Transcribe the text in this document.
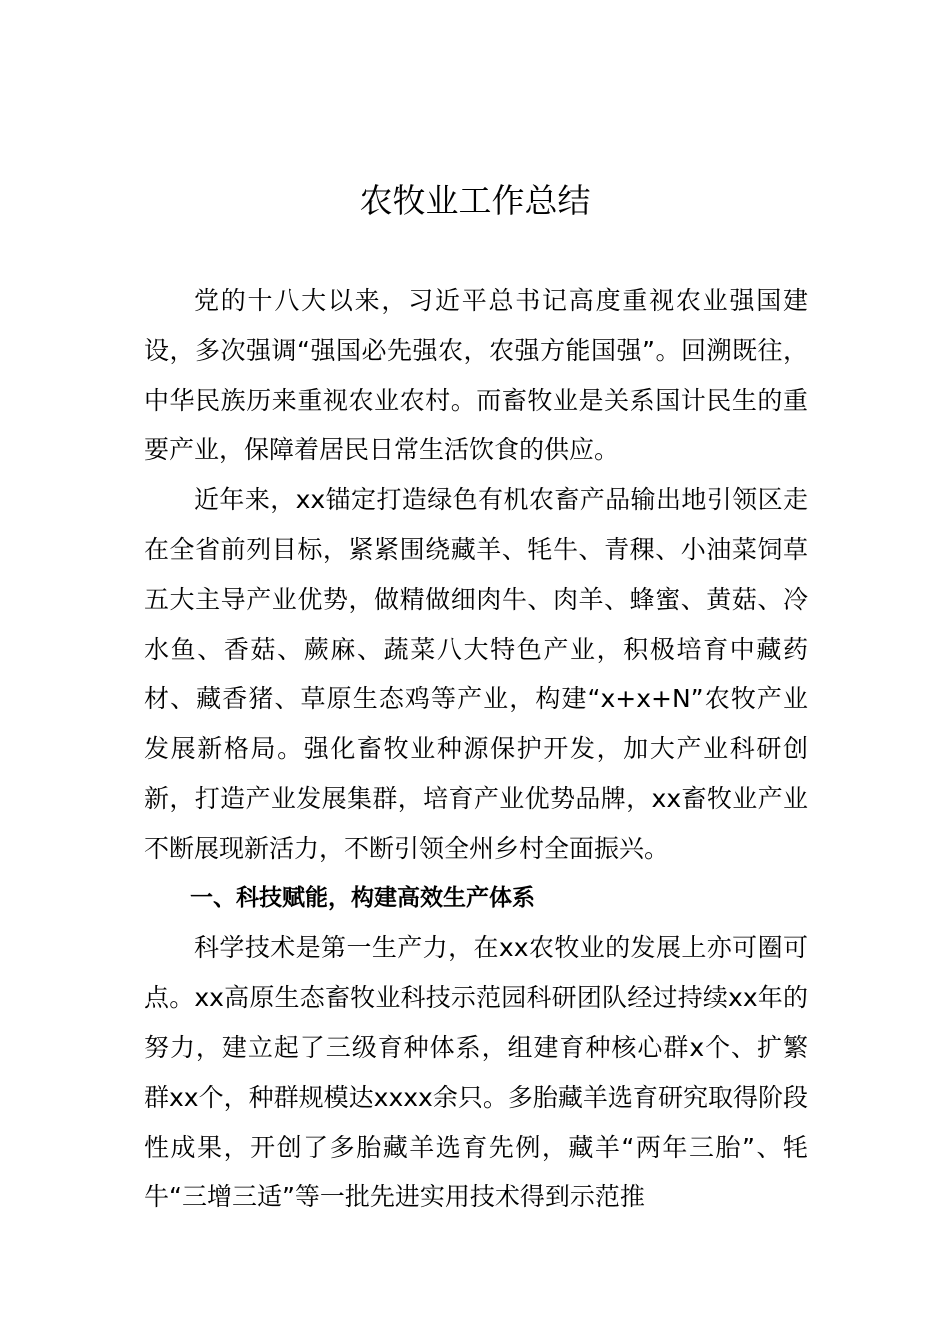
农牧业工作总结

党的十八大以来，习近平总书记高度重视农业强国建设，多次强调“强国必先强农，农强方能国强”。回溯既往，中华民族历来重视农业农村。而畜牧业是关系国计民生的重要产业，保障着居民日常生活饮食的供应。

近年来，xx锚定打造绿色有机农畜产品输出地引领区走在全省前列目标，紧紧围绕藏羊、牦牛、青稞、小油菜饲草五大主导产业优势，做精做细肉牛、肉羊、蜂蜜、黄菇、冷水鱼、香菇、蕨麻、蔬菜八大特色产业，积极培育中藏药材、藏香猪、草原生态鸡等产业，构建“x+x+N”农牧产业发展新格局。强化畜牧业种源保护开发，加大产业科研创新，打造产业发展集群，培育产业优势品牌，xx畜牧业产业不断展现新活力，不断引领全州乡村全面振兴。

一、科技赋能，构建高效生产体系

科学技术是第一生产力，在xx农牧业的发展上亦可圈可点。xx高原生态畜牧业科技示范园科研团队经过持续xx年的努力，建立起了三级育种体系，组建育种核心群x个、扩繁群xx个，种群规模达xxxx余只。多胎藏羊选育研究取得阶段性成果，开创了多胎藏羊选育先例，藏羊“两年三胎”、牦牛“三增三适”等一批先进实用技术得到示范推
